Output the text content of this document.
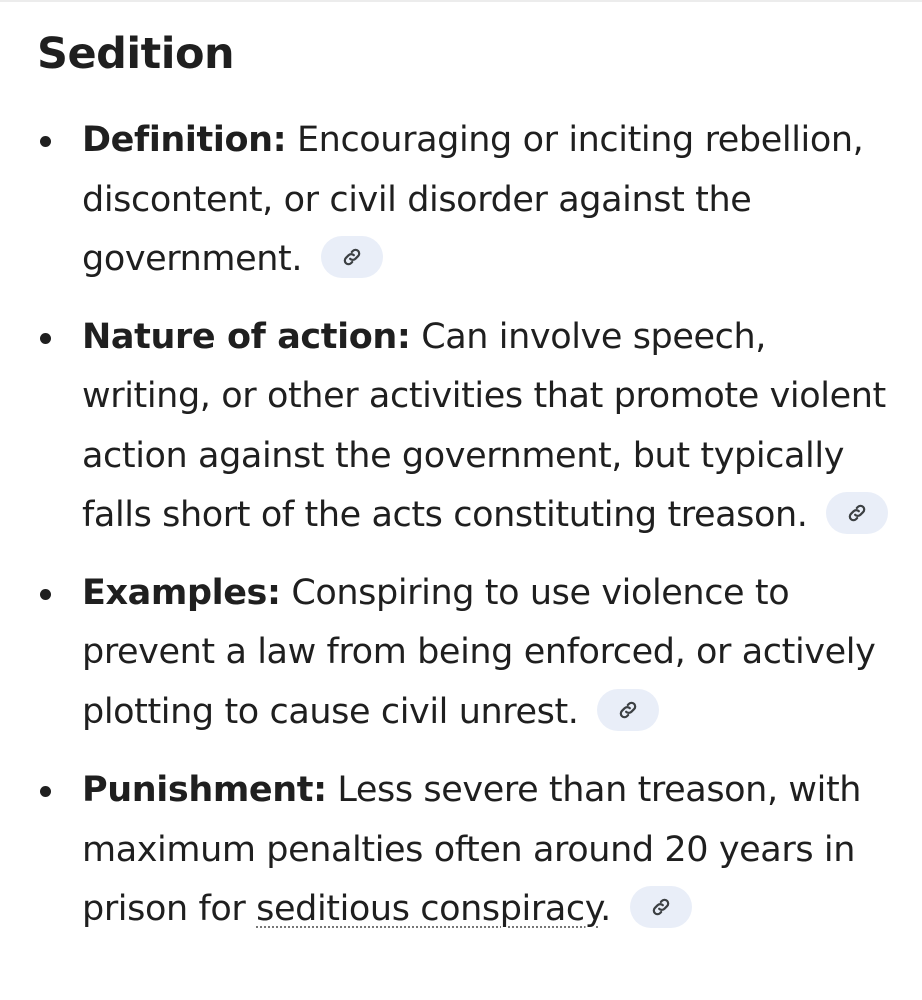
Sedition
Definition: Encouraging or inciting rebellion, discontent, or civil disorder against the government.
Nature of action: Can involve speech, writing, or other activities that promote violent action against the government, but typically falls short of the acts constituting treason.
Examples: Conspiring to use violence to prevent a law from being enforced, or actively plotting to cause civil unrest.
Punishment: Less severe than treason, with maximum penalties often around 20 years in prison for seditious conspiracy.
